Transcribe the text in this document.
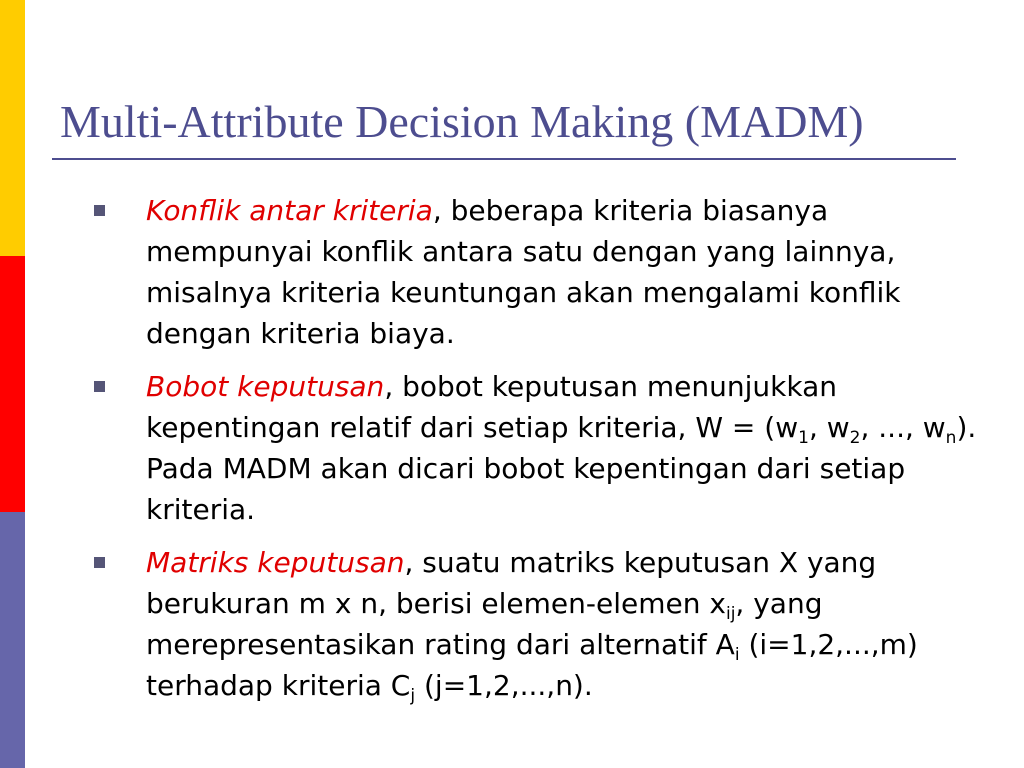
Multi-Attribute Decision Making (MADM)
Konflik antar kriteria, beberapa kriteria biasanya mempunyai konflik antara satu dengan yang lainnya, misalnya kriteria keuntungan akan mengalami konflik dengan kriteria biaya.
Bobot keputusan, bobot keputusan menunjukkan kepentingan relatif dari setiap kriteria, $W = (w_1$, $w_2$, ..., $w_n$). Pada MADM akan dicari bobot kepentingan dari setiap kriteria.
Matriks keputusan, suatu matriks keputusan X yang berukuran m x n, berisi elemen-elemen $x_{ij}$, yang merepresentasikan rating dari alternatif $A_i$ (i=1,2,...,m) terhadap kriteria $C_j$ (j=1,2,...,n).
